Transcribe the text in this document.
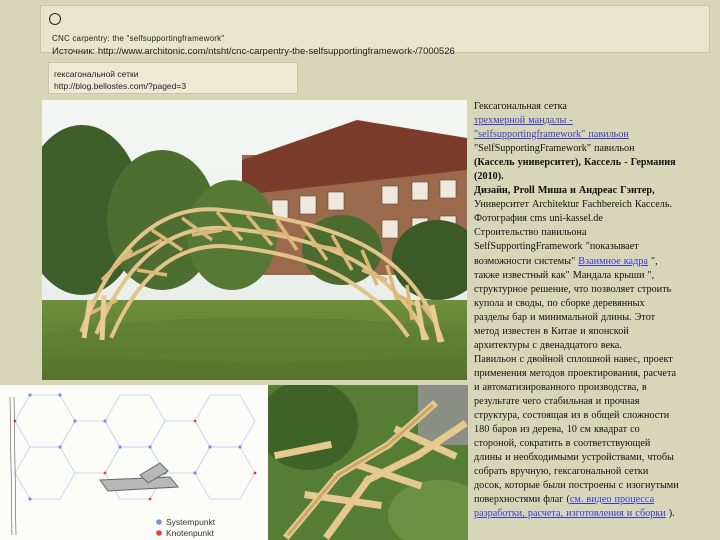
CNC carpentry: the "selfsupportingframework"
Источник: http://www.architonic.com/ntsht/cnc-carpentry-the-selfsupportingframework-/7000526
гексагональной сетки
http://blog.bellostes.com/?paged=3
Systempunkt
Knotenpunkt
Гексагональная сетка
трехмерной мандалы -
"selfsupportingframework" павильон
"SelfSupportingFramework" павильон
(Кассель университет), Кассель - Германия
(2010).
Дизайн, Proll Миша и Андреас Гэнтер,
Университет Architektur Fachbereich Кассель.
Фотография cms uni-kassel.de
Строительство павильона
SelfSupportingFramework "показывает
возможности системы" Взаимное кадра ",
также известный как" Мандала крыши ",
структурное решение, что позволяет строить
купола и своды, по сборке деревянных
разделы бар и минимальной длины. Этот
метод известен в Китае и японской
архитектуры с двенадцатого века.
Павильон с двойной сплошной навес, проект
применения методов проектирования, расчета
и автоматизированного производства, в
результате чего стабильная и прочная
структура, состоящая из в общей сложности
180 баров из дерева, 10 см квадрат со
стороной, сократить в соответствующей
длины и необходимыми устройствами, чтобы
собрать вручную, гексагональной сетки
досок, которые были построены с изогнутыми
поверхностями флаг (см. видео процесса
разработки, расчета, изготовления и сборки ).
